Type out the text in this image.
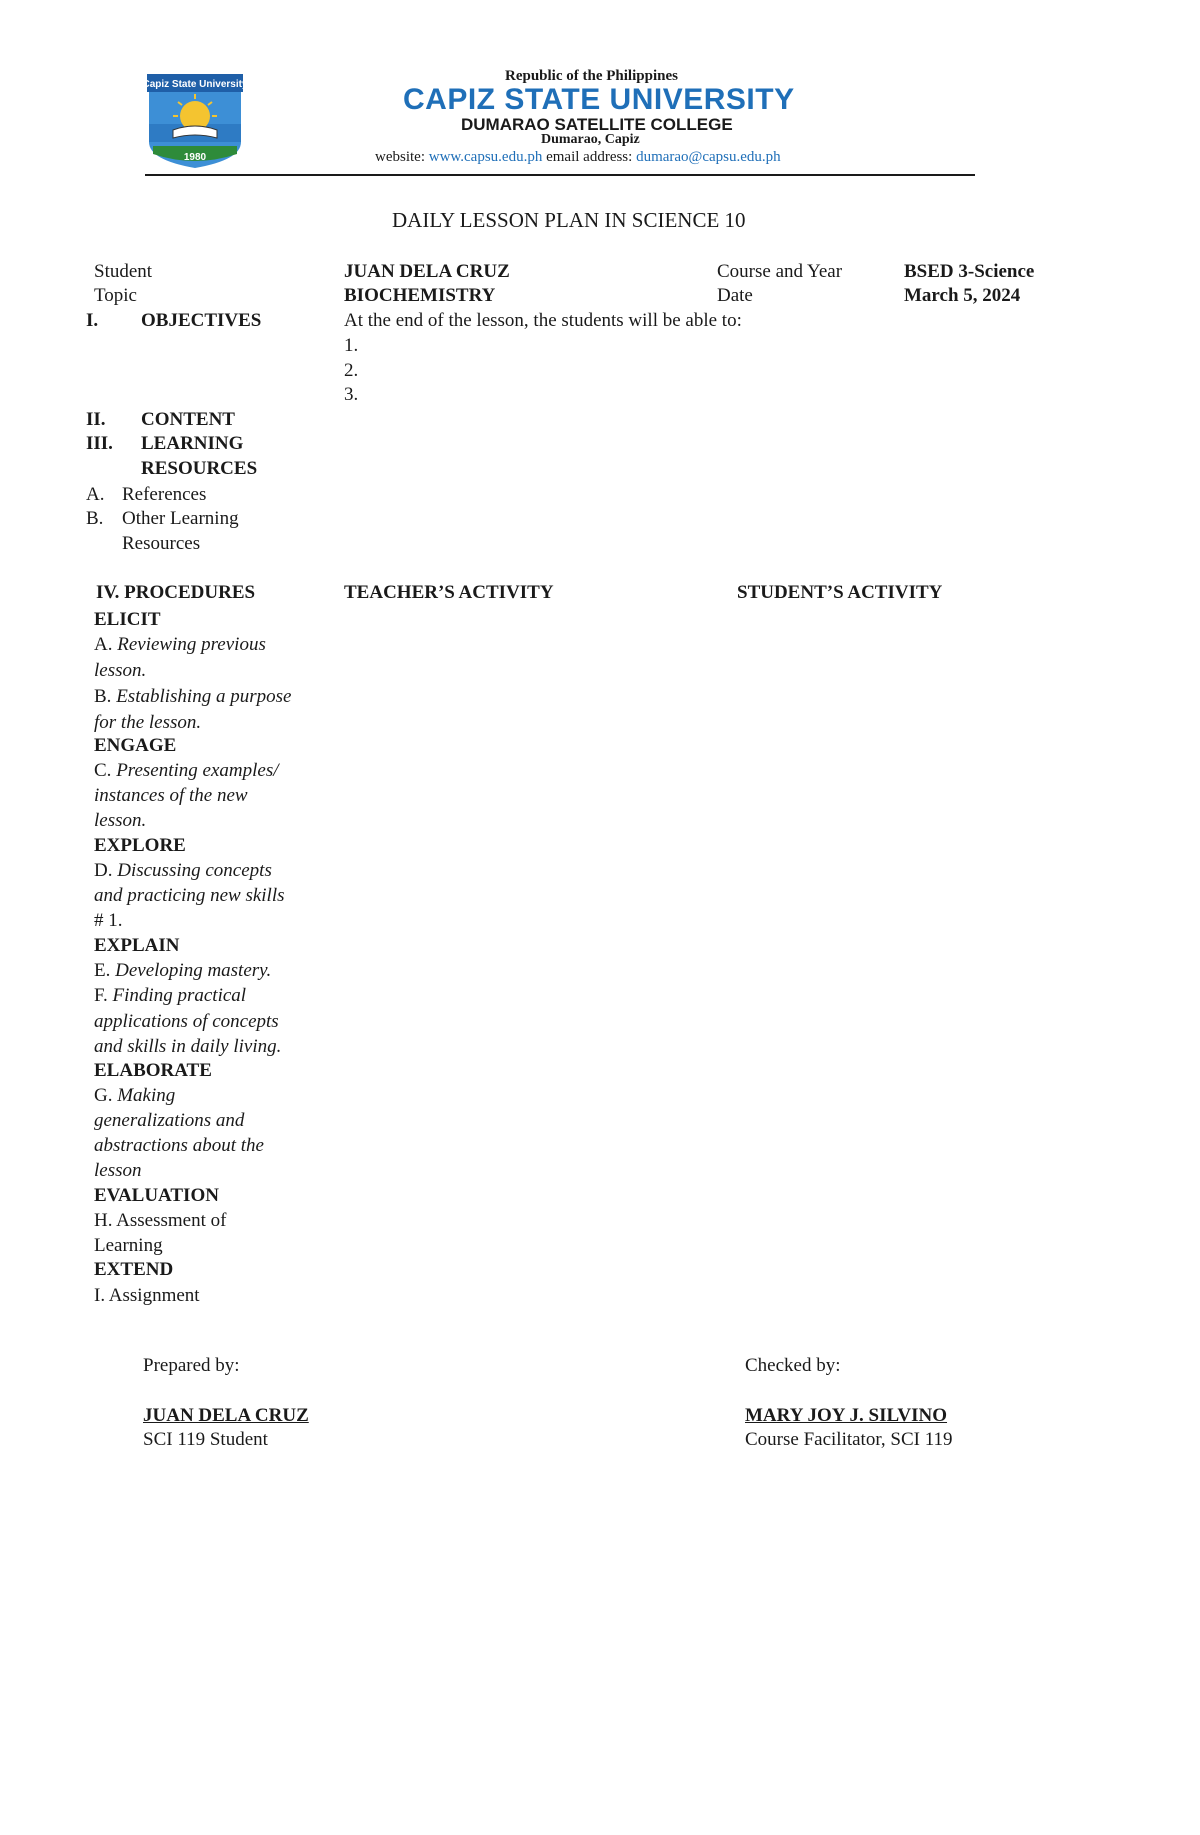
Capiz State University
1980
Republic of the Philippines
CAPIZ STATE UNIVERSITY
DUMARAO SATELLITE COLLEGE
Dumarao, Capiz
website: www.capsu.edu.ph email address: dumarao@capsu.edu.ph
DAILY LESSON PLAN IN SCIENCE 10
Student	JUAN DELA CRUZ	Course and Year	BSED 3-Science
Topic	BIOCHEMISTRY	Date	March 5, 2024
I. OBJECTIVES	At the end of the lesson, the students will be able to:
1.
2.
3.
II. CONTENT
III. LEARNING
RESOURCES
A. References
B. Other Learning
Resources
IV. PROCEDURES	TEACHER’S ACTIVITY	STUDENT’S ACTIVITY
ELICIT
A. Reviewing previous
lesson.
B. Establishing a purpose
for the lesson.
ENGAGE
C. Presenting examples/
instances of the new
lesson.
EXPLORE
D. Discussing concepts
and practicing new skills
# 1.
EXPLAIN
E. Developing mastery.
F. Finding practical
applications of concepts
and skills in daily living.
ELABORATE
G. Making
generalizations and
abstractions about the
lesson
EVALUATION
H. Assessment of
Learning
EXTEND
I. Assignment
Prepared by:
JUAN DELA CRUZ
SCI 119 Student
Checked by:
MARY JOY J. SILVINO
Course Facilitator, SCI 119
